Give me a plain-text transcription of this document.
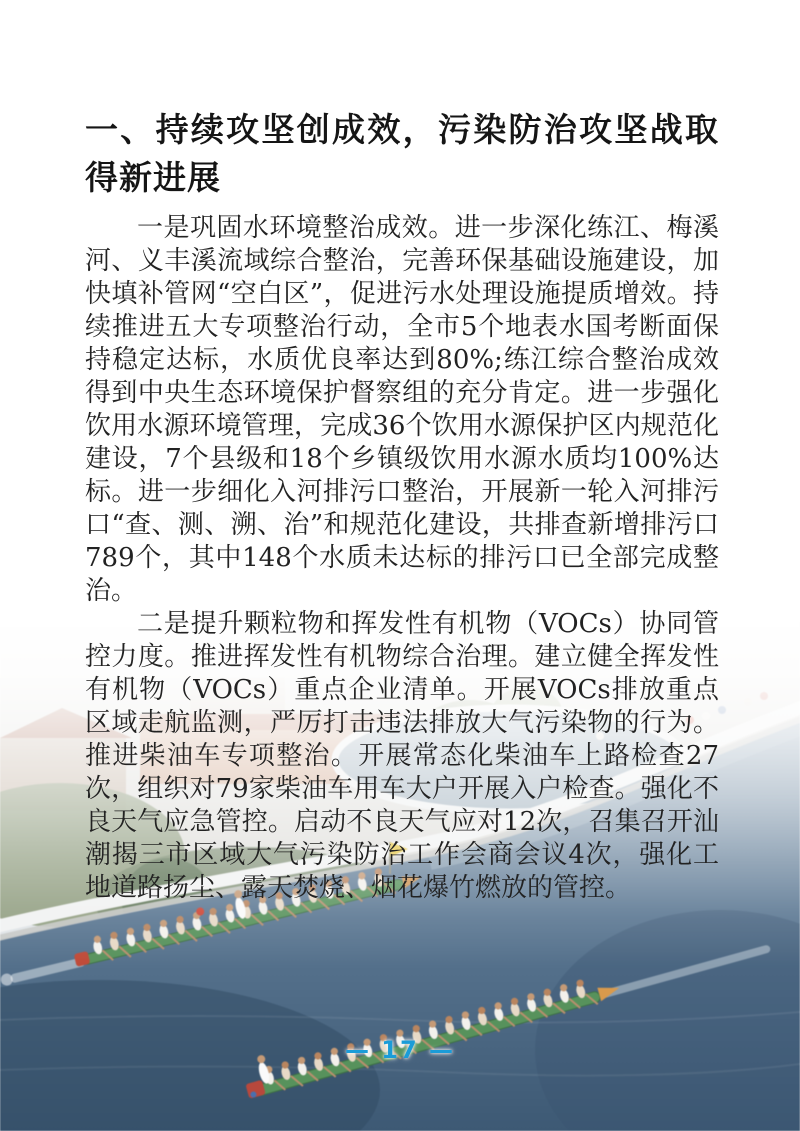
一、持续攻坚创成效，污染防治攻坚战取得新进展

一是巩固水环境整治成效。进一步深化练江、梅溪河、义丰溪流域综合整治，完善环保基础设施建设，加快填补管网“空白区”，促进污水处理设施提质增效。持续推进五大专项整治行动，全市5个地表水国考断面保持稳定达标，水质优良率达到80%;练江综合整治成效得到中央生态环境保护督察组的充分肯定。进一步强化饮用水源环境管理，完成36个饮用水源保护区内规范化建设，7个县级和18个乡镇级饮用水源水质均100%达标。进一步细化入河排污口整治，开展新一轮入河排污口“查、测、溯、治”和规范化建设，共排查新增排污口789个，其中148个水质未达标的排污口已全部完成整治。

二是提升颗粒物和挥发性有机物（VOCs）协同管控力度。推进挥发性有机物综合治理。建立健全挥发性有机物（VOCs）重点企业清单。开展VOCs排放重点区域走航监测，严厉打击违法排放大气污染物的行为。推进柴油车专项整治。开展常态化柴油车上路检查27次，组织对79家柴油车用车大户开展入户检查。强化不良天气应急管控。启动不良天气应对12次，召集召开汕潮揭三市区域大气污染防治工作会商会议4次，强化工地道路扬尘、露天焚烧、烟花爆竹燃放的管控。

— 17 —
